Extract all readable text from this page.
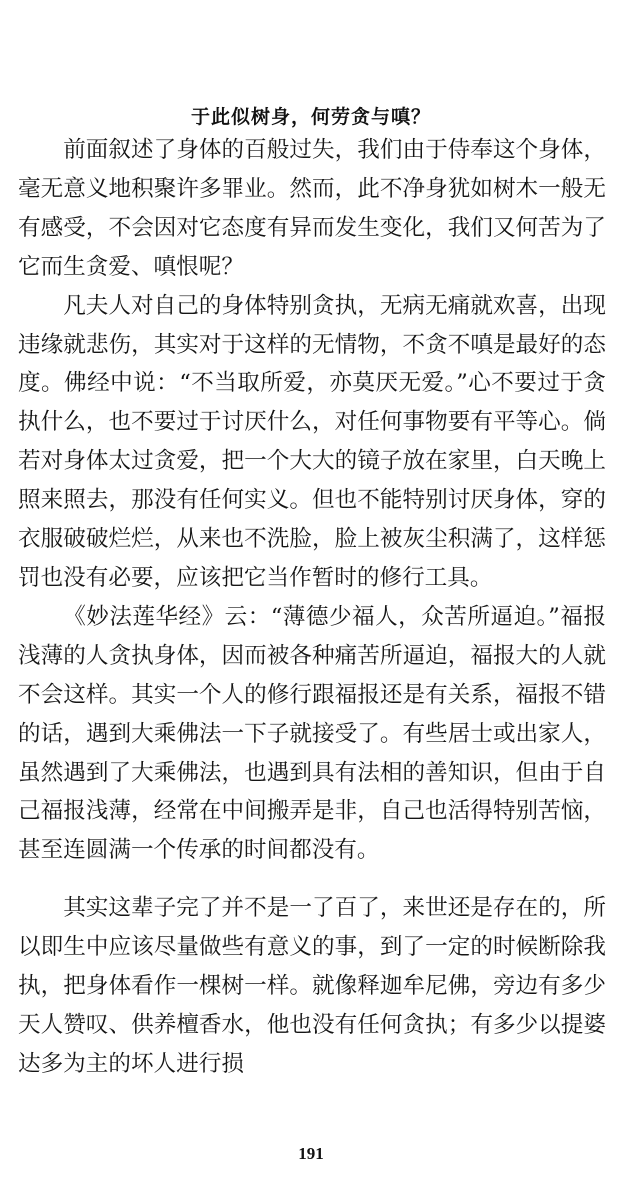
于此似树身，何劳贪与嗔？

前面叙述了身体的百般过失，我们由于侍奉这个身体，毫无意义地积聚许多罪业。然而，此不净身犹如树木一般无有感受，不会因对它态度有异而发生变化，我们又何苦为了它而生贪爱、嗔恨呢？

凡夫人对自己的身体特别贪执，无病无痛就欢喜，出现违缘就悲伤，其实对于这样的无情物，不贪不嗔是最好的态度。佛经中说：“不当取所爱，亦莫厌无爱。”心不要过于贪执什么，也不要过于讨厌什么，对任何事物要有平等心。倘若对身体太过贪爱，把一个大大的镜子放在家里，白天晚上照来照去，那没有任何实义。但也不能特别讨厌身体，穿的衣服破破烂烂，从来也不洗脸，脸上被灰尘积满了，这样惩罚也没有必要，应该把它当作暂时的修行工具。

《妙法莲华经》云：“薄德少福人，众苦所逼迫。”福报浅薄的人贪执身体，因而被各种痛苦所逼迫，福报大的人就不会这样。其实一个人的修行跟福报还是有关系，福报不错的话，遇到大乘佛法一下子就接受了。有些居士或出家人，虽然遇到了大乘佛法，也遇到具有法相的善知识，但由于自己福报浅薄，经常在中间搬弄是非，自己也活得特别苦恼，甚至连圆满一个传承的时间都没有。

其实这辈子完了并不是一了百了，来世还是存在的，所以即生中应该尽量做些有意义的事，到了一定的时候断除我执，把身体看作一棵树一样。就像释迦牟尼佛，旁边有多少天人赞叹、供养檀香水，他也没有任何贪执；有多少以提婆达多为主的坏人进行损

191
